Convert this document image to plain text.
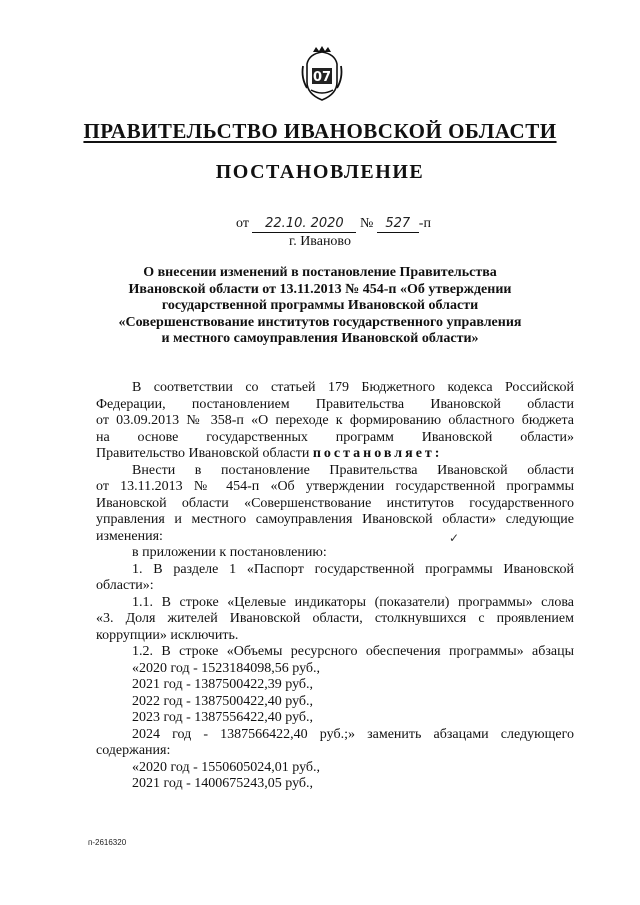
07
ПРАВИТЕЛЬСТВО ИВАНОВСКОЙ ОБЛАСТИ
ПОСТАНОВЛЕНИЕ
от 22.10. 2020 № 527 -п
г. Иваново
О внесении изменений в постановление Правительства
Ивановской области от 13.11.2013 № 454-п «Об утверждении
государственной программы Ивановской области
«Совершенствование институтов государственного управления
и местного самоуправления Ивановской области»
В соответствии со статьей 179 Бюджетного кодекса Российской
Федерации, постановлением Правительства Ивановской области
от 03.09.2013 № 358-п «О переходе к формированию областного бюджета
на основе государственных программ Ивановской области»
Правительство Ивановской области постановляет:
Внести в постановление Правительства Ивановской области
от 13.11.2013 № 454-п «Об утверждении государственной программы
Ивановской области «Совершенствование институтов государственного
управления и местного самоуправления Ивановской области» следующие
изменения:
в приложении к постановлению:
1. В разделе 1 «Паспорт государственной программы Ивановской
области»:
1.1. В строке «Целевые индикаторы (показатели) программы» слова
«3. Доля жителей Ивановской области, столкнувшихся с проявлением
коррупции» исключить.
1.2. В строке «Объемы ресурсного обеспечения программы» абзацы
«2020 год - 1523184098,56 руб.,
2021 год - 1387500422,39 руб.,
2022 год - 1387500422,40 руб.,
2023 год - 1387556422,40 руб.,
2024 год - 1387566422,40 руб.;» заменить абзацами следующего
содержания:
«2020 год - 1550605024,01 руб.,
2021 год - 1400675243,05 руб.,
✓
п-2616320
